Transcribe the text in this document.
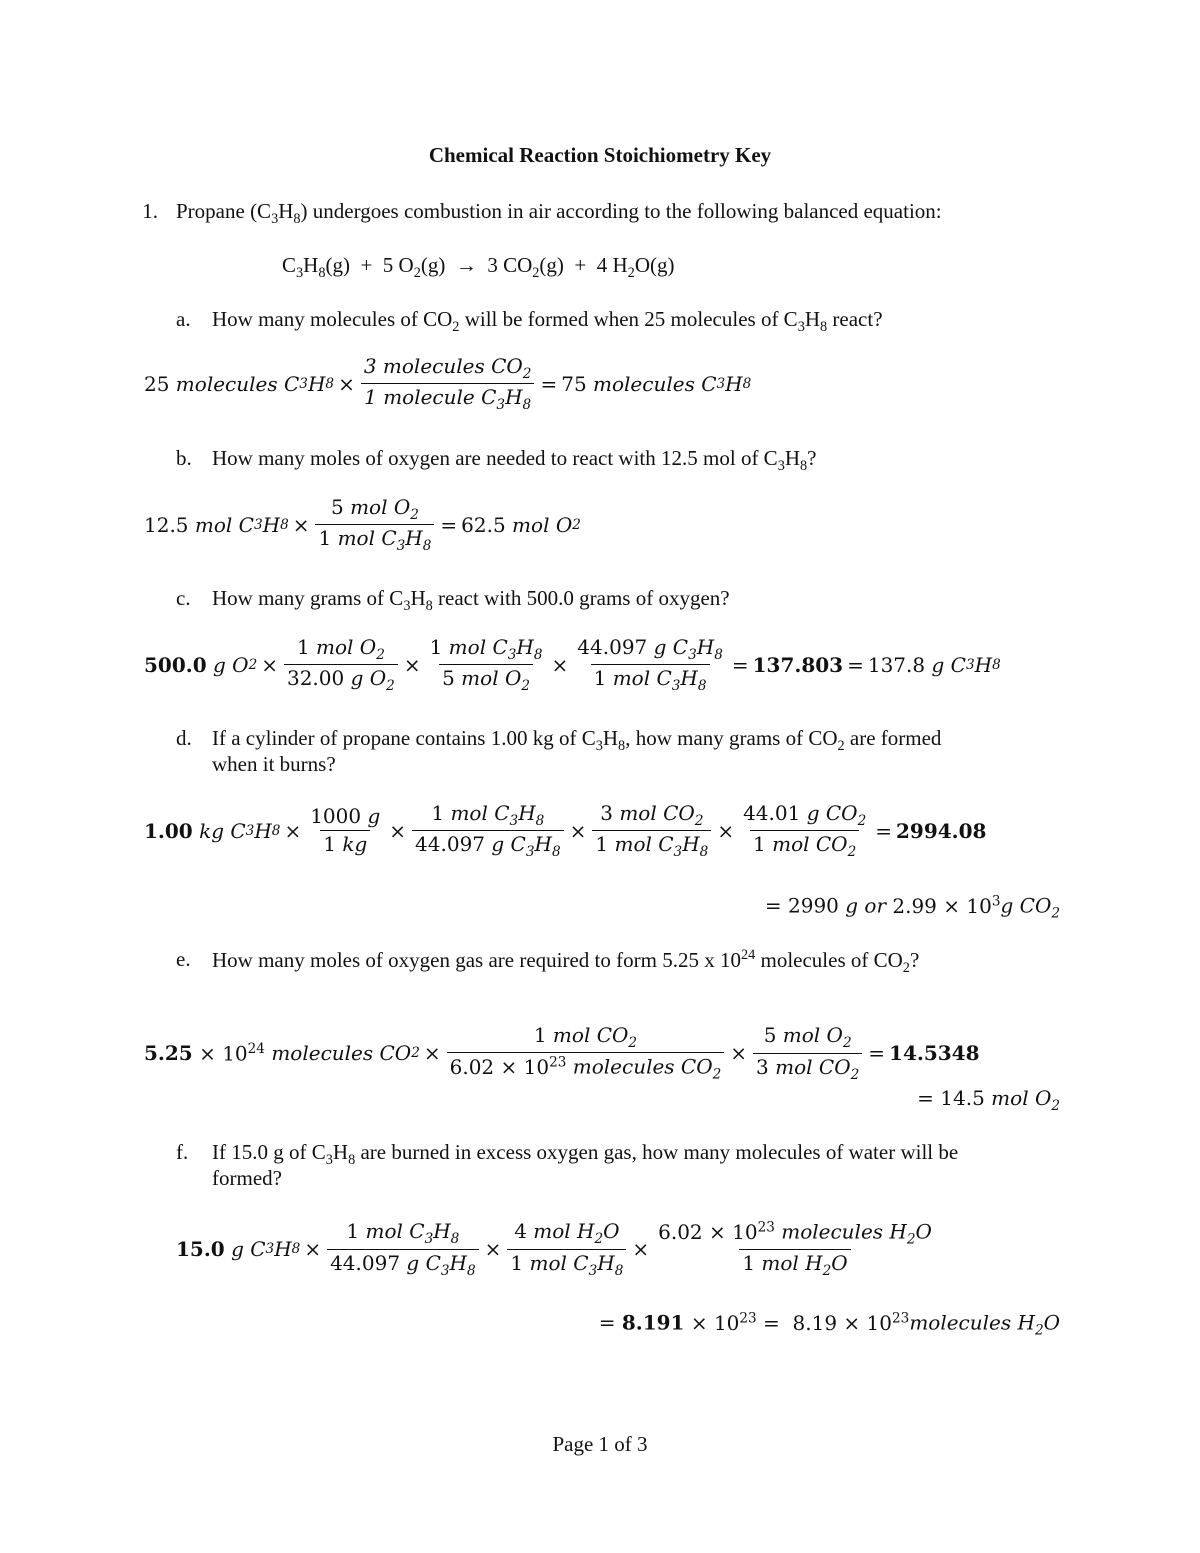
Chemical Reaction Stoichiometry Key
1. Propane $(C_3H_8)$ undergoes combustion in air according to the following balanced equation:
$C_3H_8(g) + 5$ $O_2(g) \to 3$ $CO_2(g) + 4$ $H_2O(g)$
a. How many molecules of $CO_2$ will be formed when 25 molecules of $C_3H_8$ react?
25 molecules C 3 H $8 \times \frac{3 molecules CO_2}{1 molecule C_3H_8} = 75$ molecules C 3 H 8
b. How many moles of oxygen are needed to react with 12.5 mol of $C_3H_8$?
12.5 mol C 3 H $8 \times \frac{5 mol O_2}{1 mol C_3H_8} = 62.5$ mol O 2
c. How many grams of $C_3H_8$ react with 500.0 grams of oxygen?
500.0 g O $2 \times \frac{1 mol O_2}{32.00 g O_2} \times \frac{1 mol C_3H_8}{5 mol O_2} \times \frac{44.097 g C_3H_8}{1 mol C_3H_8} = 137.803 = 137.8$ g C 3 H 8
d. If a cylinder of propane contains 1.00 kg of $C_3H_8$, how many grams of $CO_2$ are formed
when it burns?
1.00 kg C 3 H $8 \times \frac{1000 g}{1 kg} \times \frac{1 mol C_3H_8}{44.097 g C_3H_8} \times \frac{3 mol CO_2}{1 mol C_3H_8} \times \frac{44.01 g CO_2}{1 mol CO_2} = 2994.08$
= 2990 g or $2.99 \times 10^3g$ $CO_2$
e. How many moles of oxygen gas are required to form 5.25 x $10^{24}$ molecules of $CO_2$?
5.25
× $10^{24}$ molecules CO $2 \times \frac{1 mol CO_2}{6.02 \times 10^{23} molecules CO_2} \times \frac{5 mol O_2}{3 mol CO_2} = 14.5348$
= 14.5 mol $O_2$
f. If 15.0 g of $C_3H_8$ are burned in excess oxygen gas, how many molecules of water will be
formed?
15.0 g C 3 H $8 \times \frac{1 mol C_3H_8}{44.097 g C_3H_8} \times \frac{4 mol H_2O}{1 mol C_3H_8} \times \frac{6.02 \times 10^{23} molecules H_2O}{1 mol H_2O}$
= $8.191 \times 10^{23} = 8.19$ × $10^{23}molecules$ $H_2O$
Page 1 of 3
